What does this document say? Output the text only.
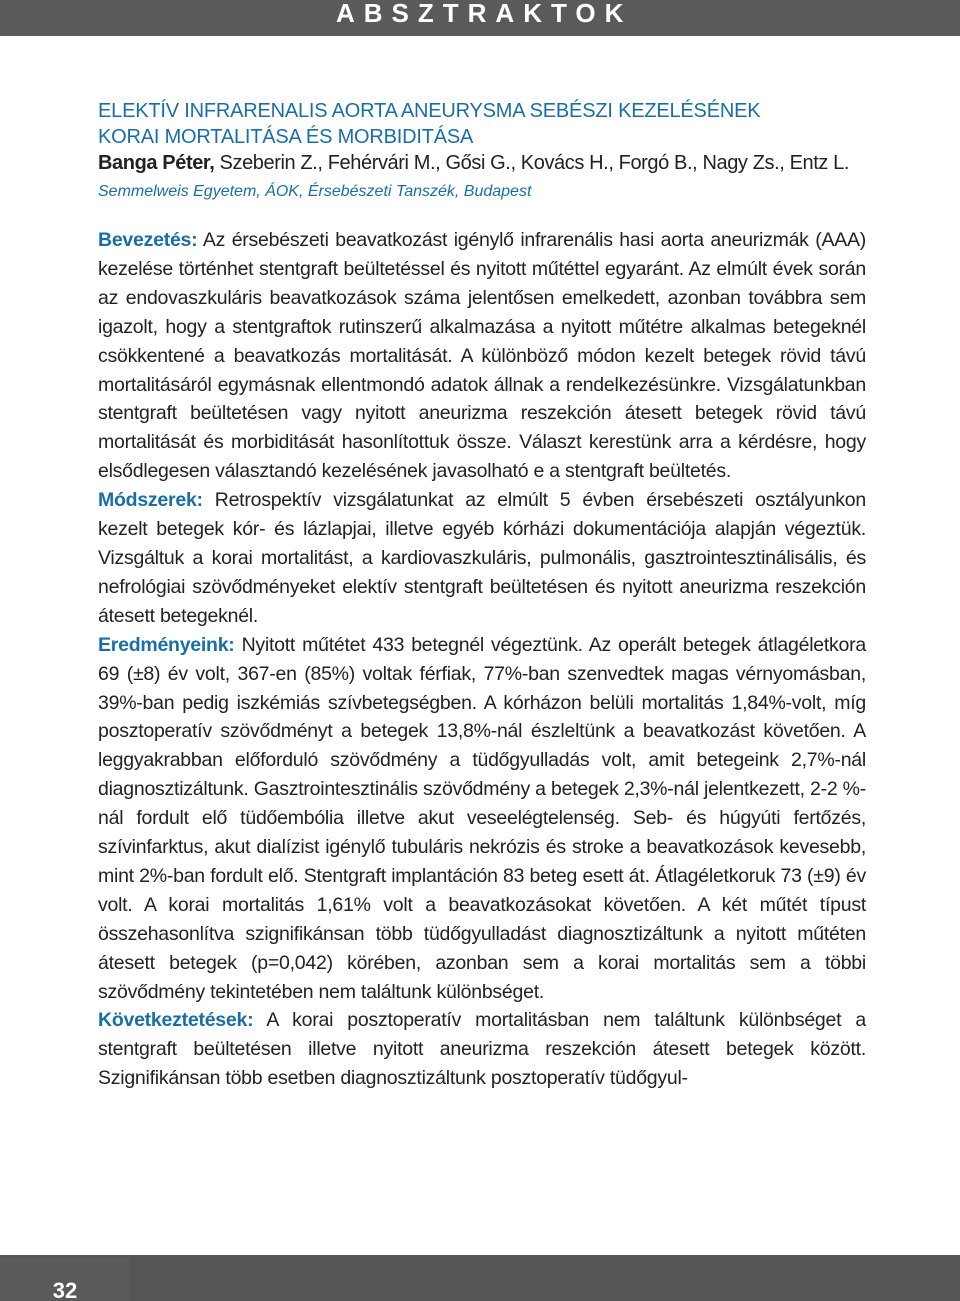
ABSZTRAKTOK

ELEKTÍV INFRARENALIS AORTA ANEURYSMA SEBÉSZI KEZELÉSÉNEK
KORAI MORTALITÁSA ÉS MORBIDITÁSA

Banga Péter, Szeberin Z., Fehérvári M., Gősi G., Kovács H., Forgó B., Nagy Zs., Entz L.

Semmelweis Egyetem, ÁOK, Érsebészeti Tanszék, Budapest

Bevezetés: Az érsebészeti beavatkozást igénylő infrarenális hasi aorta aneurizmák (AAA) kezelése történhet stentgraft beültetéssel és nyitott műtéttel egyaránt. Az elmúlt évek során az endovaszkuláris beavatkozások száma jelentősen emelkedett, azonban továbbra sem igazolt, hogy a stentgraftok rutinszerű alkalmazása a nyitott műtétre alkalmas betegeknél csökkentené a beavatkozás mortalitását. A különböző módon kezelt betegek rövid távú mortalitásáról egymásnak ellentmondó adatok állnak a rendelkezésünkre. Vizsgálatunkban stentgraft beültetésen vagy nyitott aneurizma reszekción átesett betegek rövid távú mortalitását és morbiditását hasonlítottuk össze. Választ kerestünk arra a kérdésre, hogy elsődlegesen választandó kezelésének javasolható e a stentgraft beültetés.

Módszerek: Retrospektív vizsgálatunkat az elmúlt 5 évben érsebészeti osztályunkon kezelt betegek kór- és lázlapjai, illetve egyéb kórházi dokumentációja alapján végeztük. Vizsgáltuk a korai mortalitást, a kardiovaszkuláris, pulmonális, gasztrointesztinálisális, és nefrológiai szövődményeket elektív stentgraft beültetésen és nyitott aneurizma reszekción átesett betegeknél.

Eredményeink: Nyitott műtétet 433 betegnél végeztünk. Az operált betegek átlagéletkora 69 (±8) év volt, 367-en (85%) voltak férfiak, 77%-ban szenvedtek magas vérnyomásban, 39%-ban pedig iszkémiás szívbetegségben. A kórházon belüli mortalitás 1,84%-volt, míg posztoperatív szövődményt a betegek 13,8%-nál észleltünk a beavatkozást követően. A leggyakrabban előforduló szövődmény a tüdőgyulladás volt, amit betegeink 2,7%-nál diagnosztizáltunk. Gasztrointesztinális szövődmény a betegek 2,3%-nál jelentkezett, 2-2 %-nál fordult elő tüdőembólia illetve akut veseelégtelenség. Seb- és húgyúti fertőzés, szívinfarktus, akut dialízist igénylő tubuláris nekrózis és stroke a beavatkozások kevesebb, mint 2%-ban fordult elő. Stentgraft implantáción 83 beteg esett át. Átlagéletkoruk 73 (±9) év volt. A korai mortalitás 1,61% volt a beavatkozásokat követően. A két műtét típust összehasonlítva szignifikánsan több tüdőgyulladást diagnosztizáltunk a nyitott műtéten átesett betegek (p=0,042) körében, azonban sem a korai mortalitás sem a többi szövődmény tekintetében nem találtunk különbséget.

Következtetések: A korai posztoperatív mortalitásban nem találtunk különbséget a stentgraft beültetésen illetve nyitott aneurizma reszekción átesett betegek között. Szignifikánsan több esetben diagnosztizáltunk posztoperatív tüdőgyul-

32
